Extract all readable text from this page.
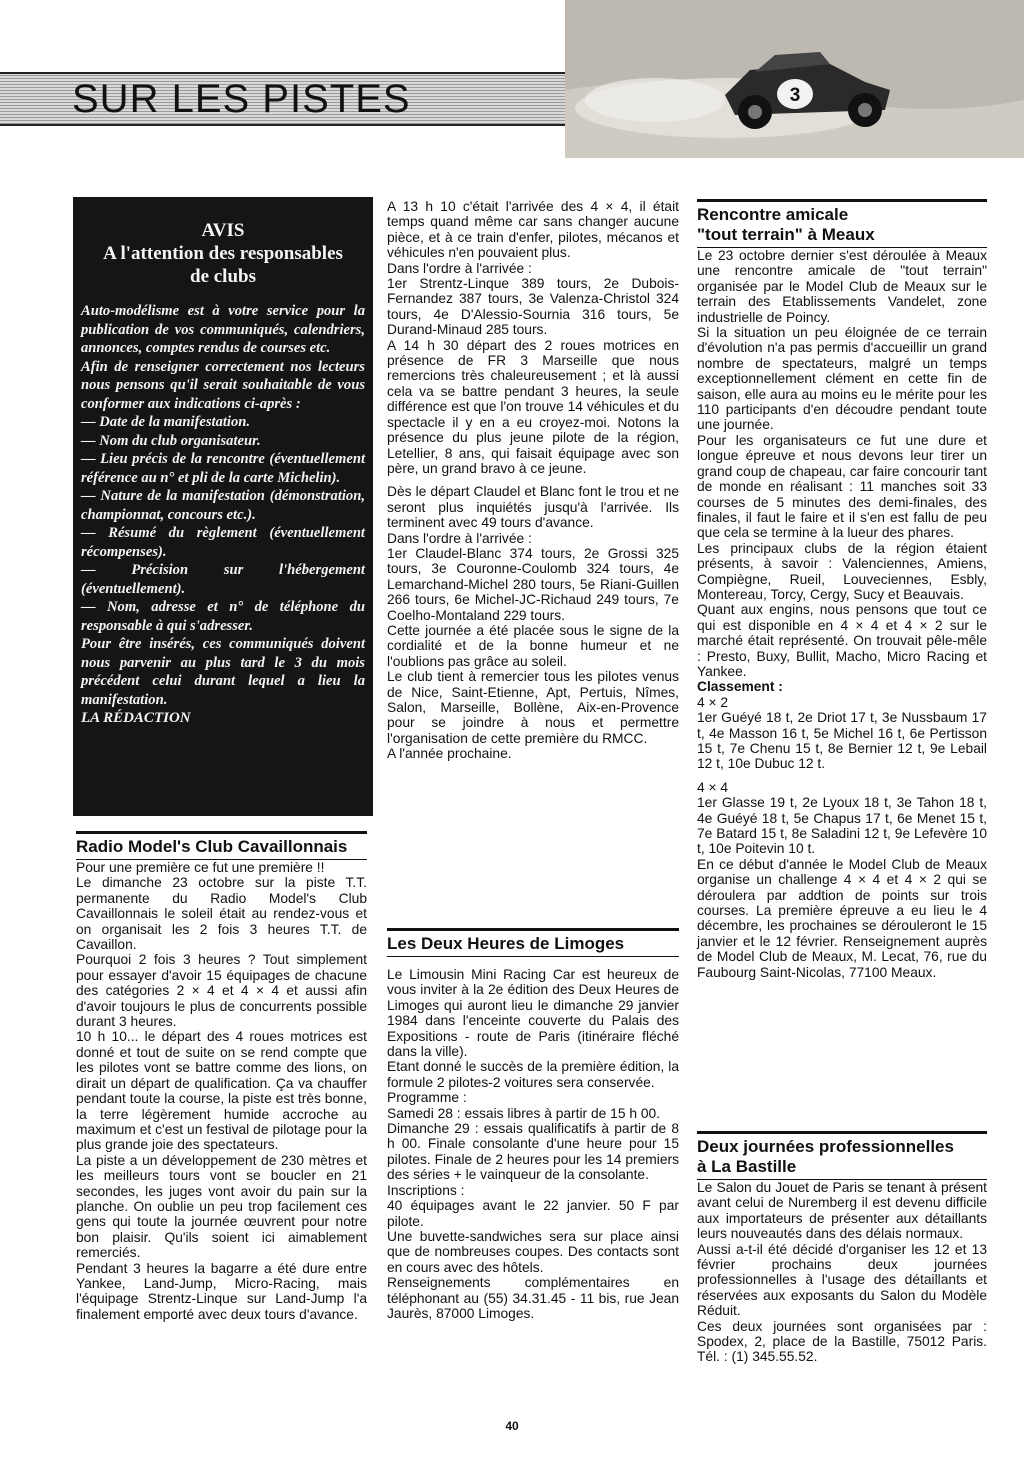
SUR LES PISTES	3

AVIS

A l'attention des responsables

de clubs

Auto-modélisme est à votre service pour la publication de vos communiqués, calendriers, annonces, comptes rendus de courses etc.

Afin de renseigner correctement nos lecteurs nous pensons qu'il serait souhaitable de vous conformer aux indications ci-après :

— Date de la manifestation.

— Nom du club organisateur.

— Lieu précis de la rencontre (éventuellement référence au n° et pli de la carte Michelin).

— Nature de la manifestation (démonstration, championnat, concours etc.).

— Résumé du règlement (éventuellement récompenses).

— Précision sur l'hébergement (éventuellement).

— Nom, adresse et n° de téléphone du responsable à qui s'adresser.

Pour être insérés, ces communiqués doivent nous parvenir au plus tard le 3 du mois précédent celui durant lequel a lieu la manifestation.

LA RÉDACTION

Radio Model's Club Cavaillonnais

Pour une première ce fut une première !!

Le dimanche 23 octobre sur la piste T.T. permanente du Radio Model's Club Cavaillonnais le soleil était au rendez-vous et on organisait les 2 fois 3 heures T.T. de Cavaillon.

Pourquoi 2 fois 3 heures ? Tout simplement pour essayer d'avoir 15 équipages de chacune des catégories 2 × 4 et 4 × 4 et aussi afin d'avoir toujours le plus de concurrents possible durant 3 heures.

10 h 10... le départ des 4 roues motrices est donné et tout de suite on se rend compte que les pilotes vont se battre comme des lions, on dirait un départ de qualification. Ça va chauffer pendant toute la course, la piste est très bonne, la terre légèrement humide accroche au maximum et c'est un festival de pilotage pour la plus grande joie des spectateurs.

La piste a un développement de 230 mètres et les meilleurs tours vont se boucler en 21 secondes, les juges vont avoir du pain sur la planche. On oublie un peu trop facilement ces gens qui toute la journée œuvrent pour notre bon plaisir. Qu'ils soient ici aimablement remerciés.

Pendant 3 heures la bagarre a été dure entre Yankee, Land-Jump, Micro-Racing, mais l'équipage Strentz-Linque sur Land-Jump l'a finalement emporté avec deux tours d'avance.

A 13 h 10 c'était l'arrivée des 4 × 4, il était temps quand même car sans changer aucune pièce, et à ce train d'enfer, pilotes, mécanos et véhicules n'en pouvaient plus.

Dans l'ordre à l'arrivée :

1er Strentz-Linque 389 tours, 2e Dubois-Fernandez 387 tours, 3e Valenza-Christol 324 tours, 4e D'Alessio-Sournia 316 tours, 5e Durand-Minaud 285 tours.

A 14 h 30 départ des 2 roues motrices en présence de FR 3 Marseille que nous remercions très chaleureusement ; et là aussi cela va se battre pendant 3 heures, la seule différence est que l'on trouve 14 véhicules et du spectacle il y en a eu croyez-moi. Notons la présence du plus jeune pilote de la région, Letellier, 8 ans, qui faisait équipage avec son père, un grand bravo à ce jeune.

Dès le départ Claudel et Blanc font le trou et ne seront plus inquiétés jusqu'à l'arrivée. Ils terminent avec 49 tours d'avance.

Dans l'ordre à l'arrivée :

1er Claudel-Blanc 374 tours, 2e Grossi 325 tours, 3e Couronne-Coulomb 324 tours, 4e Lemarchand-Michel 280 tours, 5e Riani-Guillen 266 tours, 6e Michel-JC-Richaud 249 tours, 7e Coelho-Montaland 229 tours.

Cette journée a été placée sous le signe de la cordialité et de la bonne humeur et ne l'oublions pas grâce au soleil.

Le club tient à remercier tous les pilotes venus de Nice, Saint-Etienne, Apt, Pertuis, Nîmes, Salon, Marseille, Bollène, Aix-en-Provence pour se joindre à nous et permettre l'organisation de cette première du RMCC.

A l'année prochaine.

Les Deux Heures de Limoges

Le Limousin Mini Racing Car est heureux de vous inviter à la 2e édition des Deux Heures de Limoges qui auront lieu le dimanche 29 janvier 1984 dans l'enceinte couverte du Palais des Expositions - route de Paris (itinéraire fléché dans la ville).

Etant donné le succès de la première édition, la formule 2 pilotes-2 voitures sera conservée.

Programme :

Samedi 28 : essais libres à partir de 15 h 00.

Dimanche 29 : essais qualificatifs à partir de 8 h 00. Finale consolante d'une heure pour 15 pilotes. Finale de 2 heures pour les 14 premiers des séries + le vainqueur de la consolante.

Inscriptions :

40 équipages avant le 22 janvier. 50 F par pilote.

Une buvette-sandwiches sera sur place ainsi que de nombreuses coupes. Des contacts sont en cours avec des hôtels.

Renseignements complémentaires en téléphonant au (55) 34.31.45 - 11 bis, rue Jean Jaurès, 87000 Limoges.

Rencontre amicale
"tout terrain" à Meaux

Le 23 octobre dernier s'est déroulée à Meaux une rencontre amicale de "tout terrain" organisée par le Model Club de Meaux sur le terrain des Etablissements Vandelet, zone industrielle de Poincy.

Si la situation un peu éloignée de ce terrain d'évolution n'a pas permis d'accueillir un grand nombre de spectateurs, malgré un temps exceptionnellement clément en cette fin de saison, elle aura au moins eu le mérite pour les 110 participants d'en découdre pendant toute une journée.

Pour les organisateurs ce fut une dure et longue épreuve et nous devons leur tirer un grand coup de chapeau, car faire concourir tant de monde en réalisant : 11 manches soit 33 courses de 5 minutes des demi-finales, des finales, il faut le faire et il s'en est fallu de peu que cela se termine à la lueur des phares.

Les principaux clubs de la région étaient présents, à savoir : Valenciennes, Amiens, Compiègne, Rueil, Louveciennes, Esbly, Montereau, Torcy, Cergy, Sucy et Beauvais.

Quant aux engins, nous pensons que tout ce qui est disponible en 4 × 4 et 4 × 2 sur le marché était représenté. On trouvait pêle-mêle : Presto, Buxy, Bullit, Macho, Micro Racing et Yankee.

Classement :

4 × 2

1er Guéyé 18 t, 2e Driot 17 t, 3e Nussbaum 17 t, 4e Masson 16 t, 5e Michel 16 t, 6e Pertisson 15 t, 7e Chenu 15 t, 8e Bernier 12 t, 9e Lebail 12 t, 10e Dubuc 12 t.

4 × 4

1er Glasse 19 t, 2e Lyoux 18 t, 3e Tahon 18 t, 4e Guéyé 18 t, 5e Chapus 17 t, 6e Menet 15 t, 7e Batard 15 t, 8e Saladini 12 t, 9e Lefevère 10 t, 10e Poitevin 10 t.

En ce début d'année le Model Club de Meaux organise un challenge 4 × 4 et 4 × 2 qui se déroulera par addtion de points sur trois courses. La première épreuve a eu lieu le 4 décembre, les prochaines se dérouleront le 15 janvier et le 12 février. Renseignement auprès de Model Club de Meaux, M. Lecat, 76, rue du Faubourg Saint-Nicolas, 77100 Meaux.

Deux journées professionnelles
à La Bastille

Le Salon du Jouet de Paris se tenant à présent avant celui de Nuremberg il est devenu difficile aux importateurs de présenter aux détaillants leurs nouveautés dans des délais normaux.

Aussi a-t-il été décidé d'organiser les 12 et 13 février prochains deux journées professionnelles à l'usage des détaillants et réservées aux exposants du Salon du Modèle Réduit.

Ces deux journées sont organisées par : Spodex, 2, place de la Bastille, 75012 Paris. Tél. : (1) 345.55.52.

40
